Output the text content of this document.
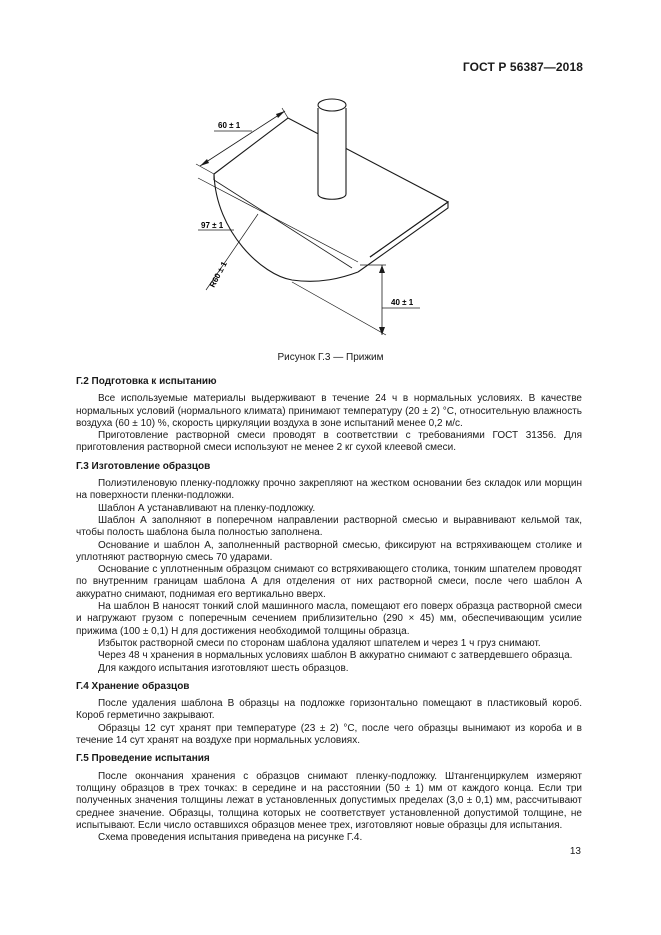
ГОСТ Р 56387—2018
60 ± 1
97 ± 1
R60 ± 1
40 ± 1
Рисунок Г.3 — Прижим
Г.2 Подготовка к испытанию

Все используемые материалы выдерживают в течение 24 ч в нормальных условиях. В качестве нормальных условий (нормального климата) принимают температуру (20 ± 2) °С, относительную влажность воздуха (60 ± 10) %, скорость циркуляции воздуха в зоне испытаний менее 0,2 м/с.

Приготовление растворной смеси проводят в соответствии с требованиями ГОСТ 31356. Для приготовления растворной смеси используют не менее 2 кг сухой клеевой смеси.

Г.3 Изготовление образцов

Полиэтиленовую пленку-подложку прочно закрепляют на жестком основании без складок или морщин на поверхности пленки-подложки.

Шаблон А устанавливают на пленку-подложку.

Шаблон А заполняют в поперечном направлении растворной смесью и выравнивают кельмой так, чтобы полость шаблона была полностью заполнена.

Основание и шаблон А, заполненный растворной смесью, фиксируют на встряхивающем столике и уплотняют растворную смесь 70 ударами.

Основание с уплотненным образцом снимают со встряхивающего столика, тонким шпателем проводят по внутренним границам шаблона А для отделения от них растворной смеси, после чего шаблон А аккуратно снимают, поднимая его вертикально вверх.

На шаблон В наносят тонкий слой машинного масла, помещают его поверх образца растворной смеси и нагружают грузом с поперечным сечением приблизительно (290 × 45) мм, обеспечивающим усилие прижима (100 ± 0,1) Н для достижения необходимой толщины образца.

Избыток растворной смеси по сторонам шаблона удаляют шпателем и через 1 ч груз снимают.

Через 48 ч хранения в нормальных условиях шаблон В аккуратно снимают с затвердевшего образца.

Для каждого испытания изготовляют шесть образцов.

Г.4 Хранение образцов

После удаления шаблона В образцы на подложке горизонтально помещают в пластиковый короб. Короб герметично закрывают.

Образцы 12 сут хранят при температуре (23 ± 2) °С, после чего образцы вынимают из короба и в течение 14 сут хранят на воздухе при нормальных условиях.

Г.5 Проведение испытания

После окончания хранения с образцов снимают пленку-подложку. Штангенциркулем измеряют толщину образцов в трех точках: в середине и на расстоянии (50 ± 1) мм от каждого конца. Если три полученных значения толщины лежат в установленных допустимых пределах (3,0 ± 0,1) мм, рассчитывают среднее значение. Образцы, толщина которых не соответствует установленной допустимой толщине, не испытывают. Если число оставшихся образцов менее трех, изготовляют новые образцы для испытания.

Схема проведения испытания приведена на рисунке Г.4.

13
